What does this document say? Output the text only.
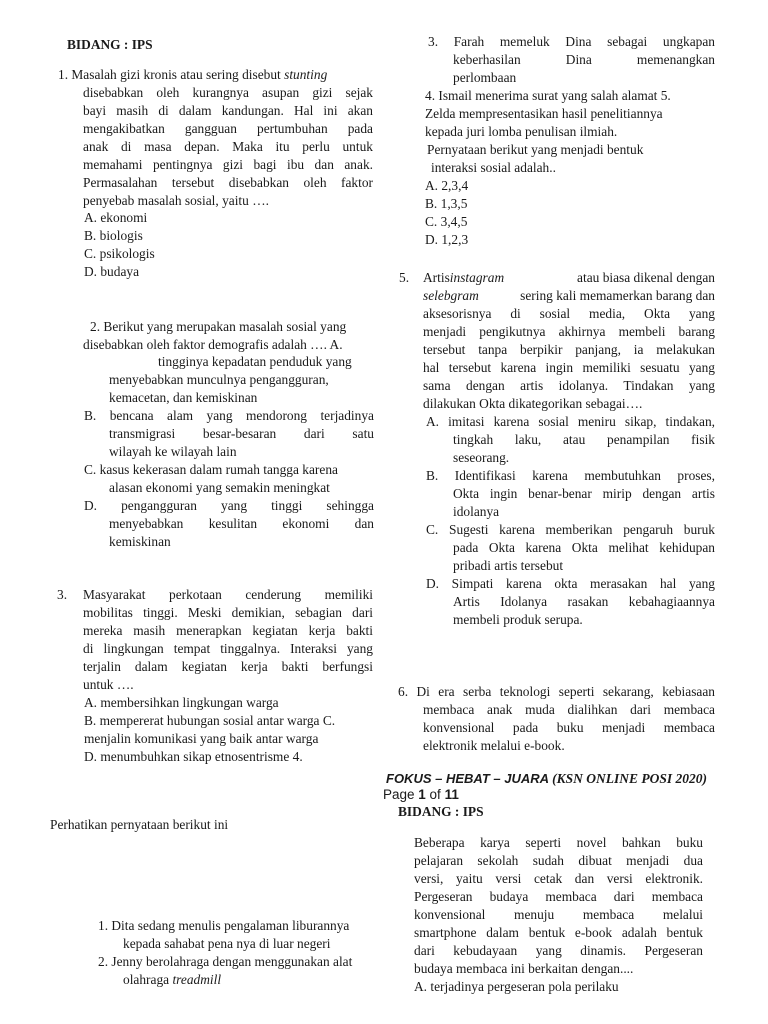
BIDANG : IPS
1. Masalah gizi kronis atau sering disebut stunting
disebabkan oleh kurangnya asupan gizi sejak
bayi masih di dalam kandungan. Hal ini akan
mengakibatkan gangguan pertumbuhan pada
anak di masa depan. Maka itu perlu untuk
memahami pentingnya gizi bagi ibu dan anak.
Permasalahan tersebut disebabkan oleh faktor
penyebab masalah sosial, yaitu ….
A. ekonomi
B. biologis
C. psikologis
D. budaya
2. Berikut yang merupakan masalah sosial yang
disebabkan oleh faktor demografis adalah …. A.
tingginya kepadatan penduduk yang
menyebabkan munculnya pengangguran,
kemacetan, dan kemiskinan
B. bencana alam yang mendorong terjadinya
transmigrasi besar-besaran dari satu
wilayah ke wilayah lain
C. kasus kekerasan dalam rumah tangga karena
alasan ekonomi yang semakin meningkat
D. pengangguran yang tinggi sehingga
menyebabkan kesulitan ekonomi dan
kemiskinan
3. Masyarakat perkotaan cenderung memiliki
mobilitas tinggi. Meski demikian, sebagian dari
mereka masih menerapkan kegiatan kerja bakti
di lingkungan tempat tinggalnya. Interaksi yang
terjalin dalam kegiatan kerja bakti berfungsi
untuk ….
A. membersihkan lingkungan warga
B. mempererat hubungan sosial antar warga C.
menjalin komunikasi yang baik antar warga
D. menumbuhkan sikap etnosentrisme 4.
Perhatikan pernyataan berikut ini
1. Dita sedang menulis pengalaman liburannya
kepada sahabat pena nya di luar negeri
2. Jenny berolahraga dengan menggunakan alat
olahraga treadmill
3. Farah memeluk Dina sebagai ungkapan
keberhasilan Dina memenangkan
perlombaan
4. Ismail menerima surat yang salah alamat 5.
Zelda mempresentasikan hasil penelitiannya
kepada juri lomba penulisan ilmiah.
Pernyataan berikut yang menjadi bentuk
interaksi sosial adalah..
A. 2,3,4
B. 1,3,5
C. 3,4,5
D. 1,2,3
5. Artis instagram	atau biasa dikenal dengan
selebgram	sering kali memamerkan barang dan
aksesorisnya di sosial media, Okta yang
menjadi pengikutnya akhirnya membeli barang
tersebut tanpa berpikir panjang, ia melakukan
hal tersebut karena ingin memiliki sesuatu yang
sama dengan artis idolanya. Tindakan yang
dilakukan Okta dikategorikan sebagai….
A. imitasi karena sosial meniru sikap, tindakan,
tingkah laku, atau penampilan fisik
seseorang.
B. Identifikasi karena membutuhkan proses,
Okta ingin benar-benar mirip dengan artis
idolanya
C. Sugesti karena memberikan pengaruh buruk
pada Okta karena Okta melihat kehidupan
pribadi artis tersebut
D. Simpati karena okta merasakan hal yang
Artis Idolanya rasakan kebahagiaannya
membeli produk serupa.
6. Di era serba teknologi seperti sekarang, kebiasaan
membaca anak muda dialihkan dari membaca
konvensional pada buku menjadi membaca
elektronik melalui e-book.
FOKUS – HEBAT – JUARA (KSN ONLINE POSI 2020)
Page 1 of 11
BIDANG : IPS
Beberapa karya seperti novel bahkan buku
pelajaran sekolah sudah dibuat menjadi dua
versi, yaitu versi cetak dan versi elektronik.
Pergeseran budaya membaca dari membaca
konvensional menuju membaca melalui
smartphone dalam bentuk e-book adalah bentuk
dari kebudayaan yang dinamis. Pergeseran
budaya membaca ini berkaitan dengan....
A. terjadinya pergeseran pola perilaku
